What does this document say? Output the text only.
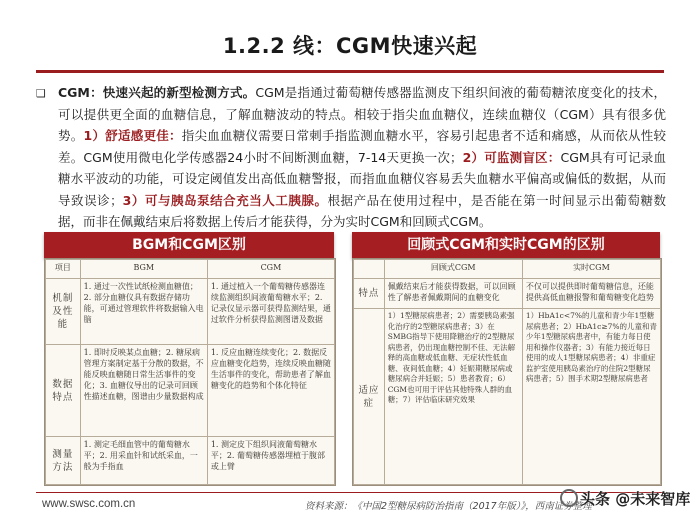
1.2.2 线：CGM快速兴起
❑ CGM：快速兴起的新型检测方式。CGM是指通过葡萄糖传感器监测皮下组织间液的葡萄糖浓度变化的技术，可以提供更全面的血糖信息，了解血糖波动的特点。相较于指尖血血糖仪，连续血糖仪（CGM）具有很多优势。1）舒适感更佳：指尖血血糖仪需要日常刺手指监测血糖水平，容易引起患者不适和痛感，从而依从性较差。CGM使用微电化学传感器24小时不间断测血糖，7-14天更换一次；2）可监测盲区：CGM具有可记录血糖水平波动的功能，可设定阈值发出高低血糖警报，而指血血糖仪容易丢失血糖水平偏高或偏低的数据，从而导致误诊；3）可与胰岛泵结合充当人工胰腺。根据产品在使用过程中，是否能在第一时间显示出葡萄糖数据，而非在佩戴结束后将数据上传后才能获得，分为实时CGM和回顾式CGM。

BGM和CGM区别
项目	BGM	CGM
机制及性能	1. 通过一次性试纸检测血糖值；2. 部分血糖仪具有数据存储功能，可通过管理软件将数据输入电脑	1. 通过植入一个葡萄糖传感器连续监测组织间液葡萄糖水平；2. 记录仪显示器可获得监测结果，通过软件分析获得监测图谱及数据
数据特点	1. 即时反映某点血糖；2. 糖尿病管理方案制定基于分散的数据，不能反映血糖随日常生活事件的变化；3. 血糖仪导出的记录可回顾性描述血糖，图谱由少量数据构成	1. 反应血糖连续变化；2. 数据反应血糖变化趋势，连续反映血糖随生活事件的变化，帮助患者了解血糖变化的趋势和个体化特征
测量方法	1. 测定毛细血管中的葡萄糖水平；2. 用采血针和试纸采血，一般为手指血	1. 测定皮下组织间液葡萄糖水平；2. 葡萄糖传感器埋植于腹部或上臂
回顾式CGM和实时CGM的区别
	回顾式CGM	实时CGM
特点	佩戴结束后才能获得数据，可以回顾性了解患者佩戴期间的血糖变化	不仅可以提供即时葡萄糖信息，还能提供高低血糖报警和葡萄糖变化趋势
适应症	1）1型糖尿病患者；2）需要胰岛素强化治疗的2型糖尿病患者；3）在SMBG指导下使用降糖治疗的2型糖尿病患者，仍出现血糖控制不佳、无法解释的高血糖或低血糖、无症状性低血糖、夜间低血糖；4）妊娠期糖尿病或糖尿病合并妊娠；5）患者教育；6）CGM也可用于评估其他特殊人群的血糖；7）评估临床研究效果	1）HbA1c<7%的儿童和青少年1型糖尿病患者；2）HbA1c≥7%的儿童和青少年1型糖尿病患者中，有能力每日使用和操作仪器者；3）有能力接近每日使用的成人1型糖尿病患者；4）非重症监护室使用胰岛素治疗的住院2型糖尿病患者；5）围手术期2型糖尿病患者
www.swsc.com.cn	资料来源：《中国2型糖尿病防治指南（2017年版）》，西南证券整理
头条 @未来智库
